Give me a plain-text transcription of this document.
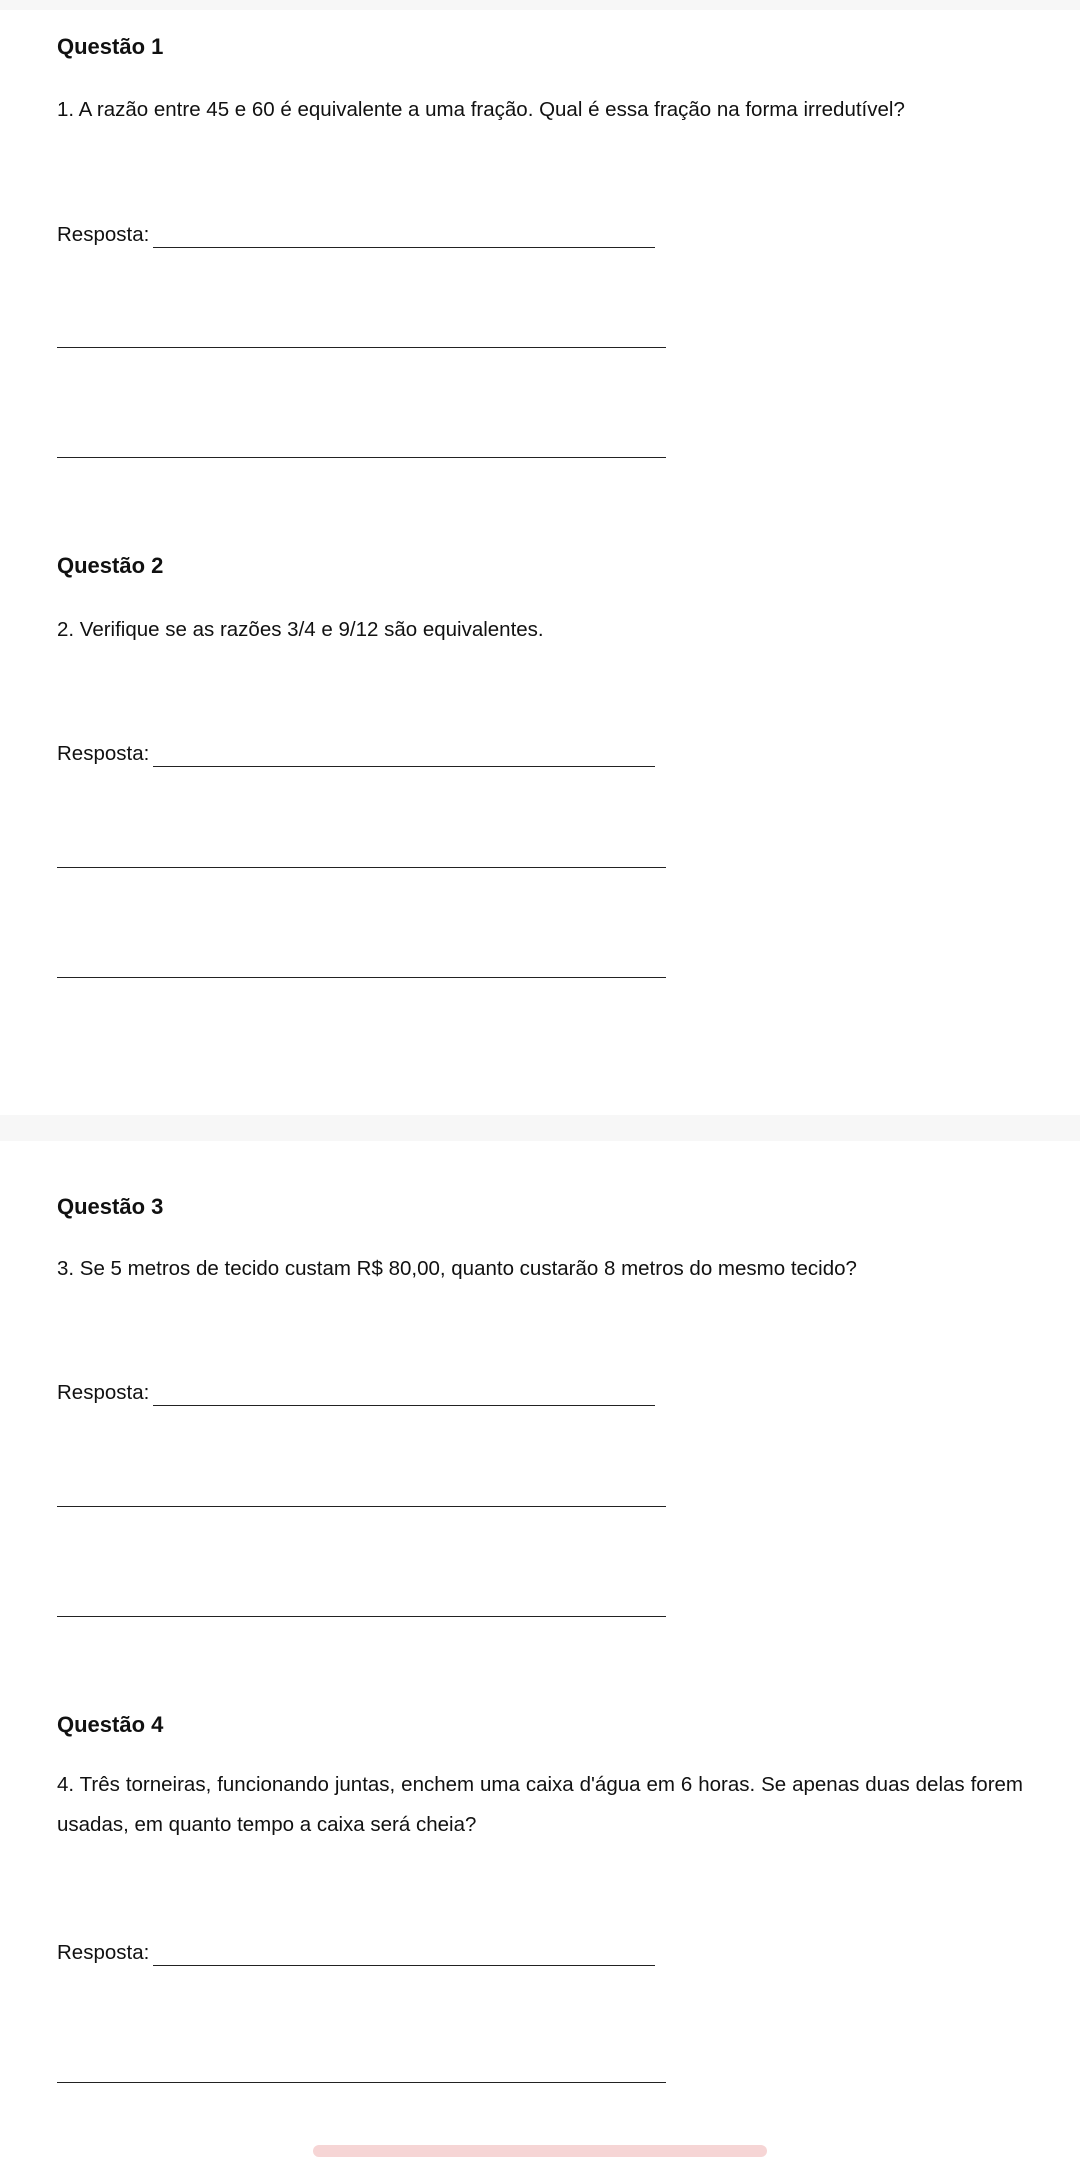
Questão 1

1. A razão entre 45 e 60 é equivalente a uma fração. Qual é essa fração na forma irredutível?

Resposta:
Questão 2

2. Verifique se as razões 3/4 e 9/12 são equivalentes.

Resposta:
Questão 3

3. Se 5 metros de tecido custam R$ 80,00, quanto custarão 8 metros do mesmo tecido?

Resposta:
Questão 4

4. Três torneiras, funcionando juntas, enchem uma caixa d'água em 6 horas. Se apenas duas delas forem usadas, em quanto tempo a caixa será cheia?

Resposta:
